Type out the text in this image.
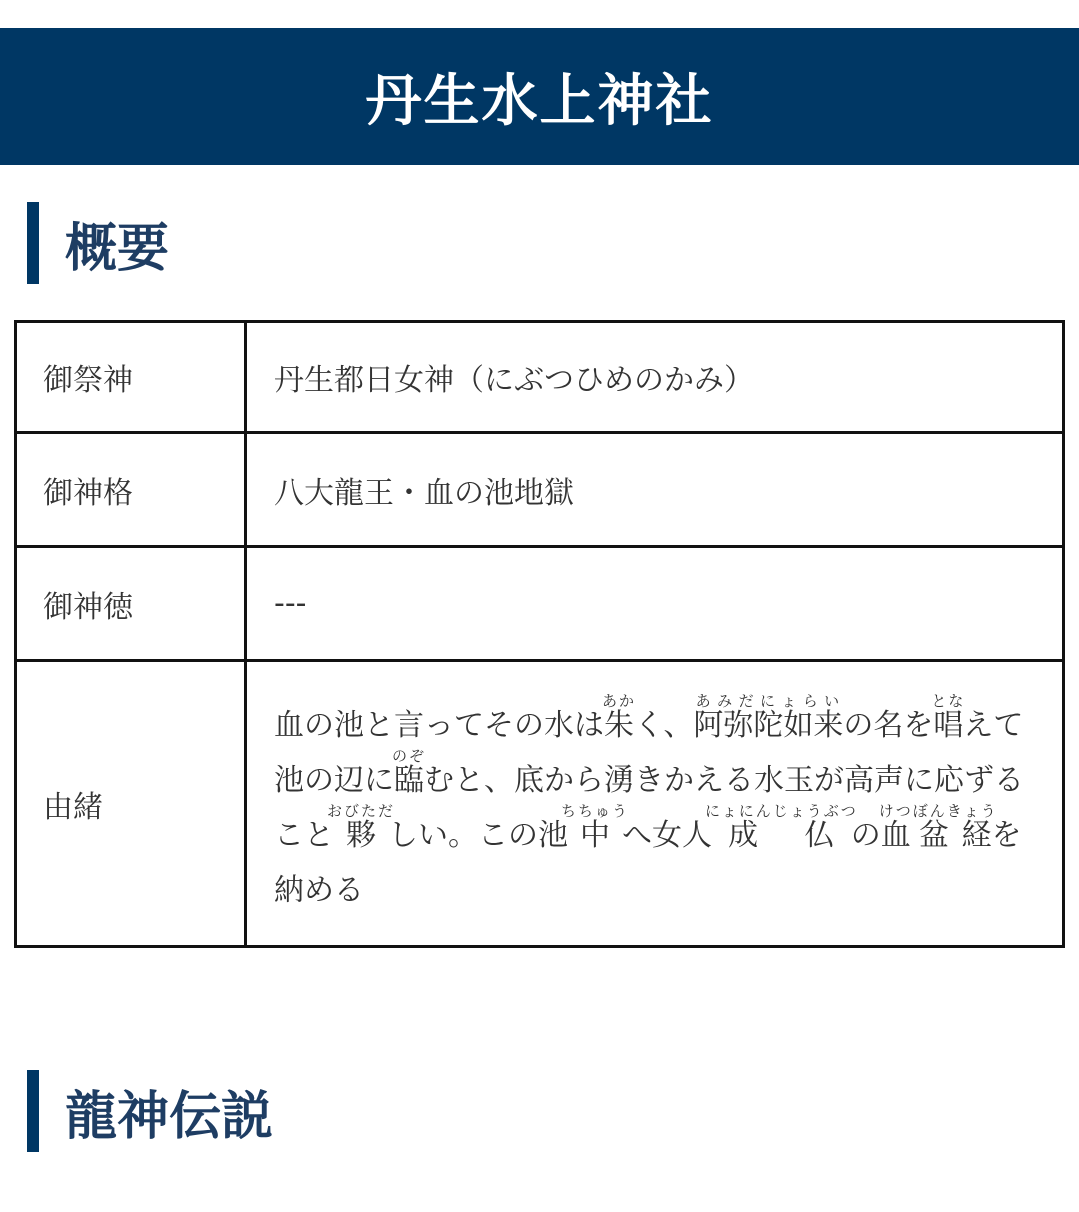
丹生水上神社
概要
御祭神	丹生都日女神（にぶつひめのかみ）
御神格	八大龍王・血の池地獄
御神徳	---
由緒	血の池と言ってその水は朱あかく、阿弥陀如来あみだにょらいの名を唱となえて池の辺に臨のぞむと、底から湧きかえる水玉が高声に応ずること夥おびただしい。この池中ちちゅうへ女人成仏にょにんじょうぶつの血けつ盆経ぼんきょうを納める
龍神伝説
